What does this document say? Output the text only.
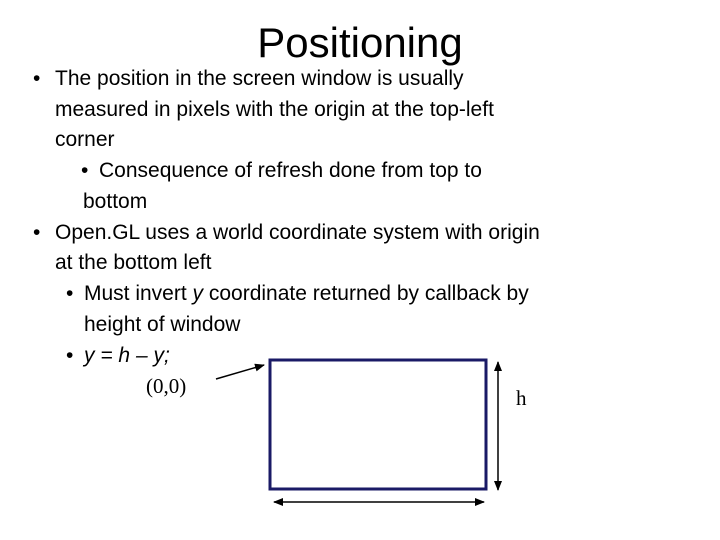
Positioning
• The position in the screen window is usually
measured in pixels with the origin at the top-left
corner
• Consequence of refresh done from top to
bottom
• Open.GL uses a world coordinate system with origin
at the bottom left
• Must invert y coordinate returned by callback by
height of window
• y = h – y;
(0,0)	h
